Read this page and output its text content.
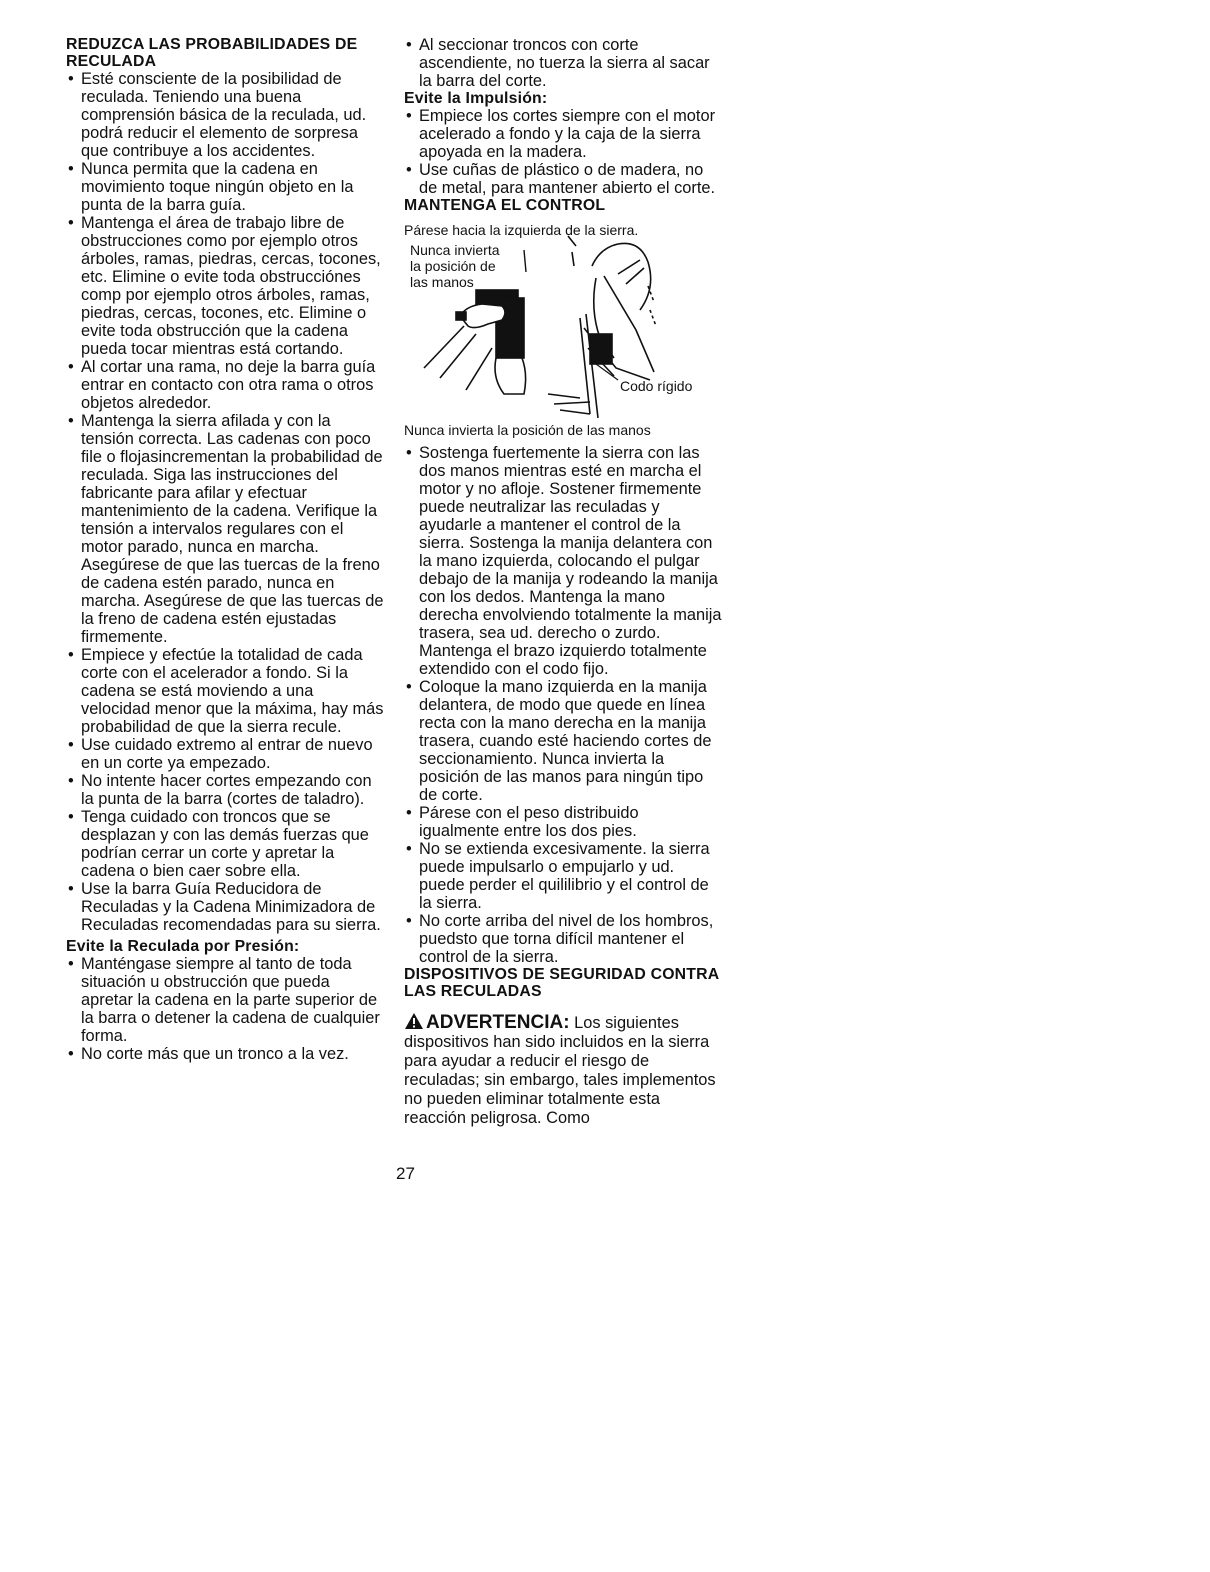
REDUZCA LAS PROBABILIDADES DE RECULADA
• Esté consciente de la posibilidad de reculada. Teniendo una buena comprensión básica de la reculada, ud. podrá reducir el elemento de sorpresa que contribuye a los accidentes.
• Nunca permita que la cadena en movimiento toque ningún objeto en la punta de la barra guía.
• Mantenga el área de trabajo libre de obstrucciones como por ejemplo otros árboles, ramas, piedras, cercas, tocones, etc. Elimine o evite toda obstrucciónes comp por ejemplo otros árboles, ramas, piedras, cercas, tocones, etc. Elimine o evite toda obstrucción que la cadena pueda tocar mientras está cortando.
• Al cortar una rama, no deje la barra guía entrar en contacto con otra rama o otros objetos alrededor.
• Mantenga la sierra afilada y con la tensión correcta. Las cadenas con poco file o flojasincrementan la probabilidad de reculada. Siga las instrucciones del fabricante para afilar y efectuar mantenimiento de la cadena. Verifique la tensión a intervalos regulares con el motor parado, nunca en marcha. Asegúrese de que las tuercas de la freno de cadena estén parado, nunca en marcha. Asegúrese de que las tuercas de la freno de cadena estén ejustadas firmemente.
• Empiece y efectúe la totalidad de cada corte con el acelerador a fondo. Si la cadena se está moviendo a una velocidad menor que la máxima, hay más probabilidad de que la sierra recule.
• Use cuidado extremo al entrar de nuevo en un corte ya empezado.
• No intente hacer cortes empezando con la punta de la barra (cortes de taladro).
• Tenga cuidado con troncos que se desplazan y con las demás fuerzas que podrían cerrar un corte y apretar la cadena o bien caer sobre ella.
• Use la barra Guía Reducidora de Reculadas y la Cadena Minimizadora de Reculadas recomendadas para su sierra.
Evite la Reculada por Presión:
• Manténgase siempre al tanto de toda situación u obstrucción que pueda apretar la cadena en la parte superior de la barra o detener la cadena de cualquier forma.
• No corte más que un tronco a la vez.
• Al seccionar troncos con corte ascendiente, no tuerza la sierra al sacar la barra del corte.
Evite la Impulsión:
• Empiece los cortes siempre con el motor acelerado a fondo y la caja de la sierra apoyada en la madera.
• Use cuñas de plástico o de madera, no de metal, para mantener abierto el corte.
MANTENGA EL CONTROL
Párese hacia la izquierda de la sierra.
Nunca invierta
la posición de
las manos
Codo rígido
Nunca invierta la posición de las manos
• Sostenga fuertemente la sierra con las dos manos mientras esté en marcha el motor y no afloje. Sostener firmemente puede neutralizar las reculadas y ayudarle a mantener el control de la sierra. Sostenga la manija delantera con la mano izquierda, colocando el pulgar debajo de la manija y rodeando la manija con los dedos. Mantenga la mano derecha envolviendo totalmente la manija trasera, sea ud. derecho o zurdo. Mantenga el brazo izquierdo totalmente extendido con el codo fijo.
• Coloque la mano izquierda en la manija delantera, de modo que quede en línea recta con la mano derecha en la manija trasera, cuando esté haciendo cortes de seccionamiento. Nunca invierta la posición de las manos para ningún tipo de corte.
• Párese con el peso distribuido igualmente entre los dos pies.
• No se extienda excesivamente. la sierra puede impulsarlo o empujarlo y ud. puede perder el quililibrio y el control de la sierra.
• No corte arriba del nivel de los hombros, puedsto que torna difícil mantener el control de la sierra.
DISPOSITIVOS DE SEGURIDAD CONTRA LAS RECULADAS
ADVERTENCIA: Los siguientes dispositivos han sido incluidos en la sierra para ayudar a reducir el riesgo de reculadas; sin embargo, tales implementos no pueden eliminar totalmente esta reacción peligrosa. Como
27
